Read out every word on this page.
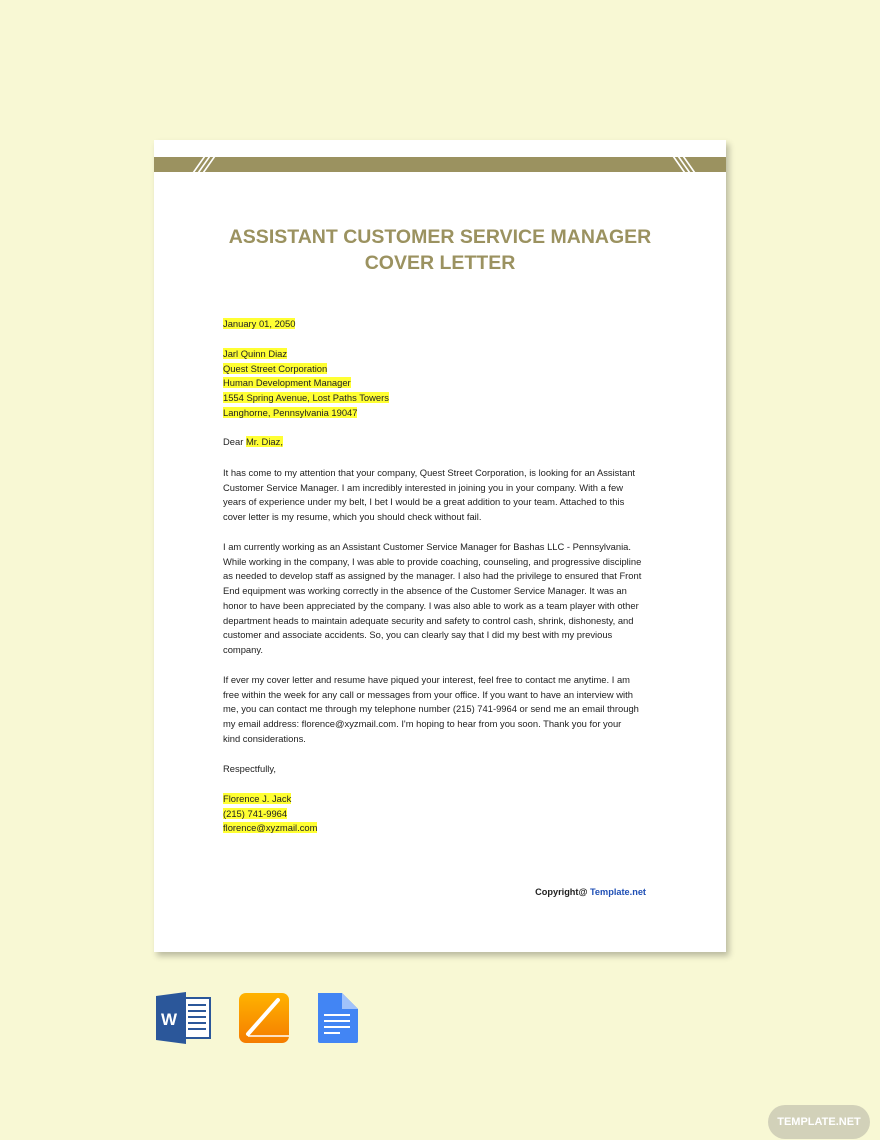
ASSISTANT CUSTOMER SERVICE MANAGER
COVER LETTER
January 01, 2050
Jarl Quinn Diaz
Quest Street Corporation
Human Development Manager
1554 Spring Avenue, Lost Paths Towers
Langhorne, Pennsylvania 19047
Dear Mr. Diaz,
It has come to my attention that your company, Quest Street Corporation, is looking for an Assistant
Customer Service Manager. I am incredibly interested in joining you in your company. With a few
years of experience under my belt, I bet I would be a great addition to your team. Attached to this
cover letter is my resume, which you should check without fail.
I am currently working as an Assistant Customer Service Manager for Bashas LLC - Pennsylvania.
While working in the company, I was able to provide coaching, counseling, and progressive discipline
as needed to develop staff as assigned by the manager. I also had the privilege to ensured that Front
End equipment was working correctly in the absence of the Customer Service Manager. It was an
honor to have been appreciated by the company. I was also able to work as a team player with other
department heads to maintain adequate security and safety to control cash, shrink, dishonesty, and
customer and associate accidents. So, you can clearly say that I did my best with my previous
company.
If ever my cover letter and resume have piqued your interest, feel free to contact me anytime. I am
free within the week for any call or messages from your office. If you want to have an interview with
me, you can contact me through my telephone number (215) 741-9964 or send me an email through
my email address: florence@xyzmail.com. I'm hoping to hear from you soon. Thank you for your
kind considerations.
Respectfully,
Florence J. Jack
(215) 741-9964
florence@xyzmail.com
Copyright@ Template.net
W
TEMPLATE.NET
